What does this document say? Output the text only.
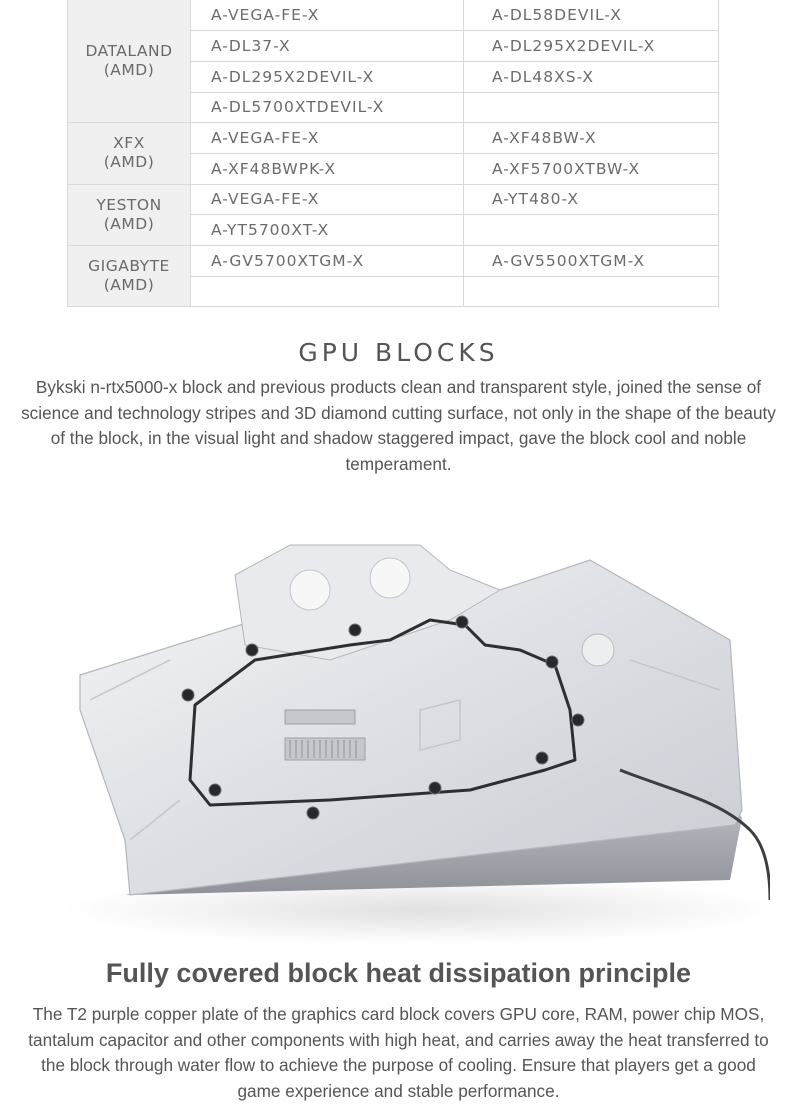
DATALAND
(AMD)	A-VEGA-FE-X	A-DL58DEVIL-X
	A-DL37-X	A-DL295X2DEVIL-X
	A-DL295X2DEVIL-X	A-DL48XS-X
	A-DL5700XTDEVIL-X	

XFX
(AMD)	A-VEGA-FE-X	A-XF48BW-X
	A-XF48BWPK-X	A-XF5700XTBW-X

YESTON
(AMD)	A-VEGA-FE-X	A-YT480-X
	A-YT5700XT-X	

GIGABYTE
(AMD)	A-GV5700XTGM-X	A-GV5500XTGM-X

GPU BLOCKS

Bykski n-rtx5000-x block and previous products clean and transparent style, joined the sense of science and technology stripes and 3D diamond cutting surface, not only in the shape of the beauty of the block, in the visual light and shadow staggered impact, gave the block cool and noble temperament.

Fully covered block heat dissipation principle

The T2 purple copper plate of the graphics card block covers GPU core, RAM, power chip MOS, tantalum capacitor and other components with high heat, and carries away the heat transferred to the block through water flow to achieve the purpose of cooling. Ensure that players get a good game experience and stable performance.
